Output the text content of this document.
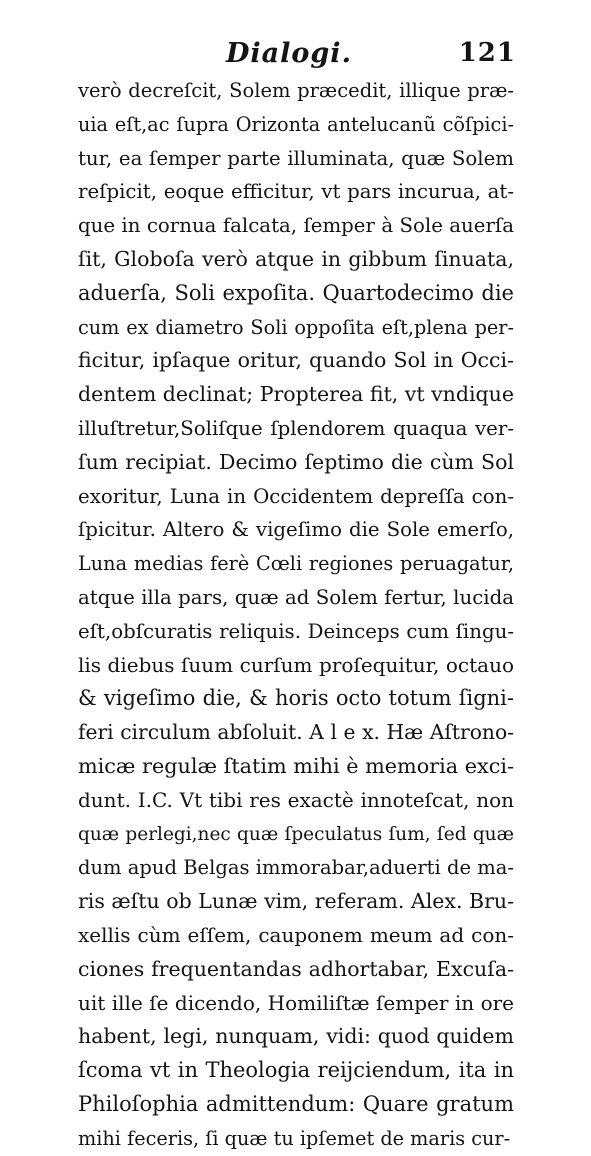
Dialogi.	121
verò decreſcit, Solem præcedit, illique præ-
uia eſt,ac ſupra Orizonta antelucanũ cõſpici-
tur, ea ſemper parte illuminata, quæ Solem
reſpicit, eoque efficitur, vt pars incurua, at-
que in cornua falcata, ſemper à Sole auerſa
ſit, Globoſa verò atque in gibbum ſinuata,
aduerſa, Soli expoſita. Quartodecimo die
cum ex diametro Soli oppoſita eſt,plena per-
ficitur, ipſaque oritur, quando Sol in Occi-
dentem declinat; Propterea fit, vt vndique
illuſtretur,Soliſque ſplendorem quaqua ver-
ſum recipiat. Decimo ſeptimo die cùm Sol
exoritur, Luna in Occidentem depreſſa con-
ſpicitur. Altero & vigeſimo die Sole emerſo,
Luna medias ferè Cœli regiones peruagatur,
atque illa pars, quæ ad Solem fertur, lucida
eſt,obſcuratis reliquis. Deinceps cum ſingu-
lis diebus ſuum curſum proſequitur, octauo
& vigeſimo die, & horis octo totum ſigni-
feri circulum abſoluit. A l e x. Hæ Aſtrono-
micæ regulæ ſtatim mihi è memoria exci-
dunt. I.C. Vt tibi res exactè innoteſcat, non
quæ perlegi,nec quæ ſpeculatus ſum, ſed quæ
dum apud Belgas immorabar,aduerti de ma-
ris æſtu ob Lunæ vim, referam. Alex. Bru-
xellis cùm eſſem, cauponem meum ad con-
ciones frequentandas adhortabar, Excuſa-
uit ille ſe dicendo, Homiliſtæ ſemper in ore
habent, legi, nunquam, vidi: quod quidem
ſcoma vt in Theologia reijciendum, ita in
Philoſophia admittendum: Quare gratum
mihi feceris, ſi quæ tu ipſemet de maris cur-
